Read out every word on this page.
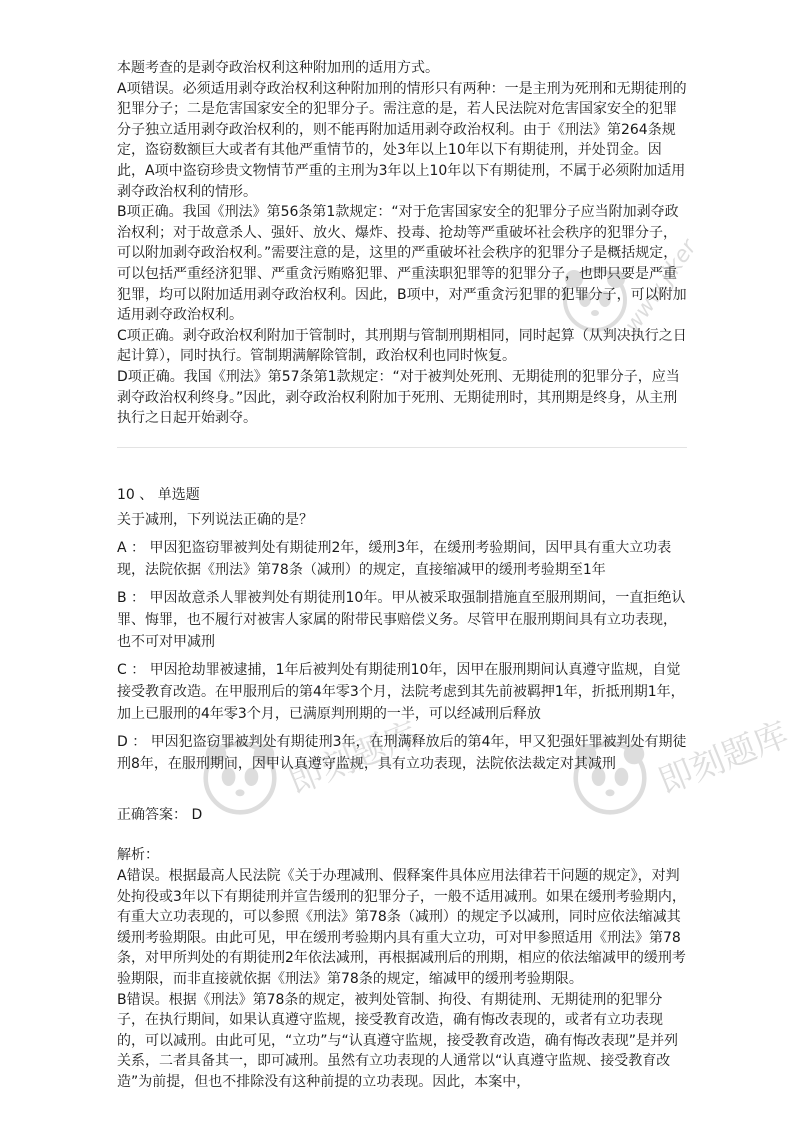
www.jiker
即刻题库	即刻题库

本题考查的是剥夺政治权利这种附加刑的适用方式。

A项错误。必须适用剥夺政治权利这种附加刑的情形只有两种：一是主刑为死刑和无期徒刑的犯罪分子；二是危害国家安全的犯罪分子。需注意的是，若人民法院对危害国家安全的犯罪分子独立适用剥夺政治权利的，则不能再附加适用剥夺政治权利。由于《刑法》第264条规定，盗窃数额巨大或者有其他严重情节的，处3年以上10年以下有期徒刑，并处罚金。因此，A项中盗窃珍贵文物情节严重的主刑为3年以上10年以下有期徒刑，不属于必须附加适用剥夺政治权利的情形。

B项正确。我国《刑法》第56条第1款规定：“对于危害国家安全的犯罪分子应当附加剥夺政治权利；对于故意杀人、强奸、放火、爆炸、投毒、抢劫等严重破坏社会秩序的犯罪分子，可以附加剥夺政治权利。”需要注意的是，这里的严重破坏社会秩序的犯罪分子是概括规定，可以包括严重经济犯罪、严重贪污贿赂犯罪、严重渎职犯罪等的犯罪分子，也即只要是严重犯罪，均可以附加适用剥夺政治权利。因此，B项中，对严重贪污犯罪的犯罪分子，可以附加适用剥夺政治权利。

C项正确。剥夺政治权利附加于管制时，其刑期与管制刑期相同，同时起算（从判决执行之日起计算），同时执行。管制期满解除管制，政治权利也同时恢复。

D项正确。我国《刑法》第57条第1款规定：“对于被判处死刑、无期徒刑的犯罪分子，应当剥夺政治权利终身。”因此，剥夺政治权利附加于死刑、无期徒刑时，其刑期是终身，从主刑执行之日起开始剥夺。

10 、 单选题
关于减刑，下列说法正确的是？
A ： 甲因犯盗窃罪被判处有期徒刑2年，缓刑3年，在缓刑考验期间，因甲具有重大立功表现，法院依据《刑法》第78条（减刑）的规定，直接缩减甲的缓刑考验期至1年
B ： 甲因故意杀人罪被判处有期徒刑10年。甲从被采取强制措施直至服刑期间，一直拒绝认罪、悔罪，也不履行对被害人家属的附带民事赔偿义务。尽管甲在服刑期间具有立功表现，也不可对甲减刑
C ： 甲因抢劫罪被逮捕，1年后被判处有期徒刑10年，因甲在服刑期间认真遵守监规，自觉接受教育改造。在甲服刑后的第4年零3个月，法院考虑到其先前被羁押1年，折抵刑期1年，加上已服刑的4年零3个月，已满原判刑期的一半，可以经减刑后释放
D ： 甲因犯盗窃罪被判处有期徒刑3年，在刑满释放后的第4年，甲又犯强奸罪被判处有期徒刑8年，在服刑期间，因甲认真遵守监规，具有立功表现，法院依法裁定对其减刑
正确答案： D
解析：

A错误。根据最高人民法院《关于办理减刑、假释案件具体应用法律若干问题的规定》，对判处拘役或3年以下有期徒刑并宣告缓刑的犯罪分子，一般不适用减刑。如果在缓刑考验期内，有重大立功表现的，可以参照《刑法》第78条（减刑）的规定予以减刑，同时应依法缩减其缓刑考验期限。由此可见，甲在缓刑考验期内具有重大立功，可对甲参照适用《刑法》第78条，对甲所判处的有期徒刑2年依法减刑，再根据减刑后的刑期，相应的依法缩减甲的缓刑考验期限，而非直接就依据《刑法》第78条的规定，缩减甲的缓刑考验期限。

B错误。根据《刑法》第78条的规定，被判处管制、拘役、有期徒刑、无期徒刑的犯罪分子，在执行期间，如果认真遵守监规，接受教育改造，确有悔改表现的，或者有立功表现的，可以减刑。由此可见，“立功”与“认真遵守监规，接受教育改造，确有悔改表现”是并列关系，二者具备其一，即可减刑。虽然有立功表现的人通常以“认真遵守监规、接受教育改造”为前提，但也不排除没有这种前提的立功表现。因此，本案中，
